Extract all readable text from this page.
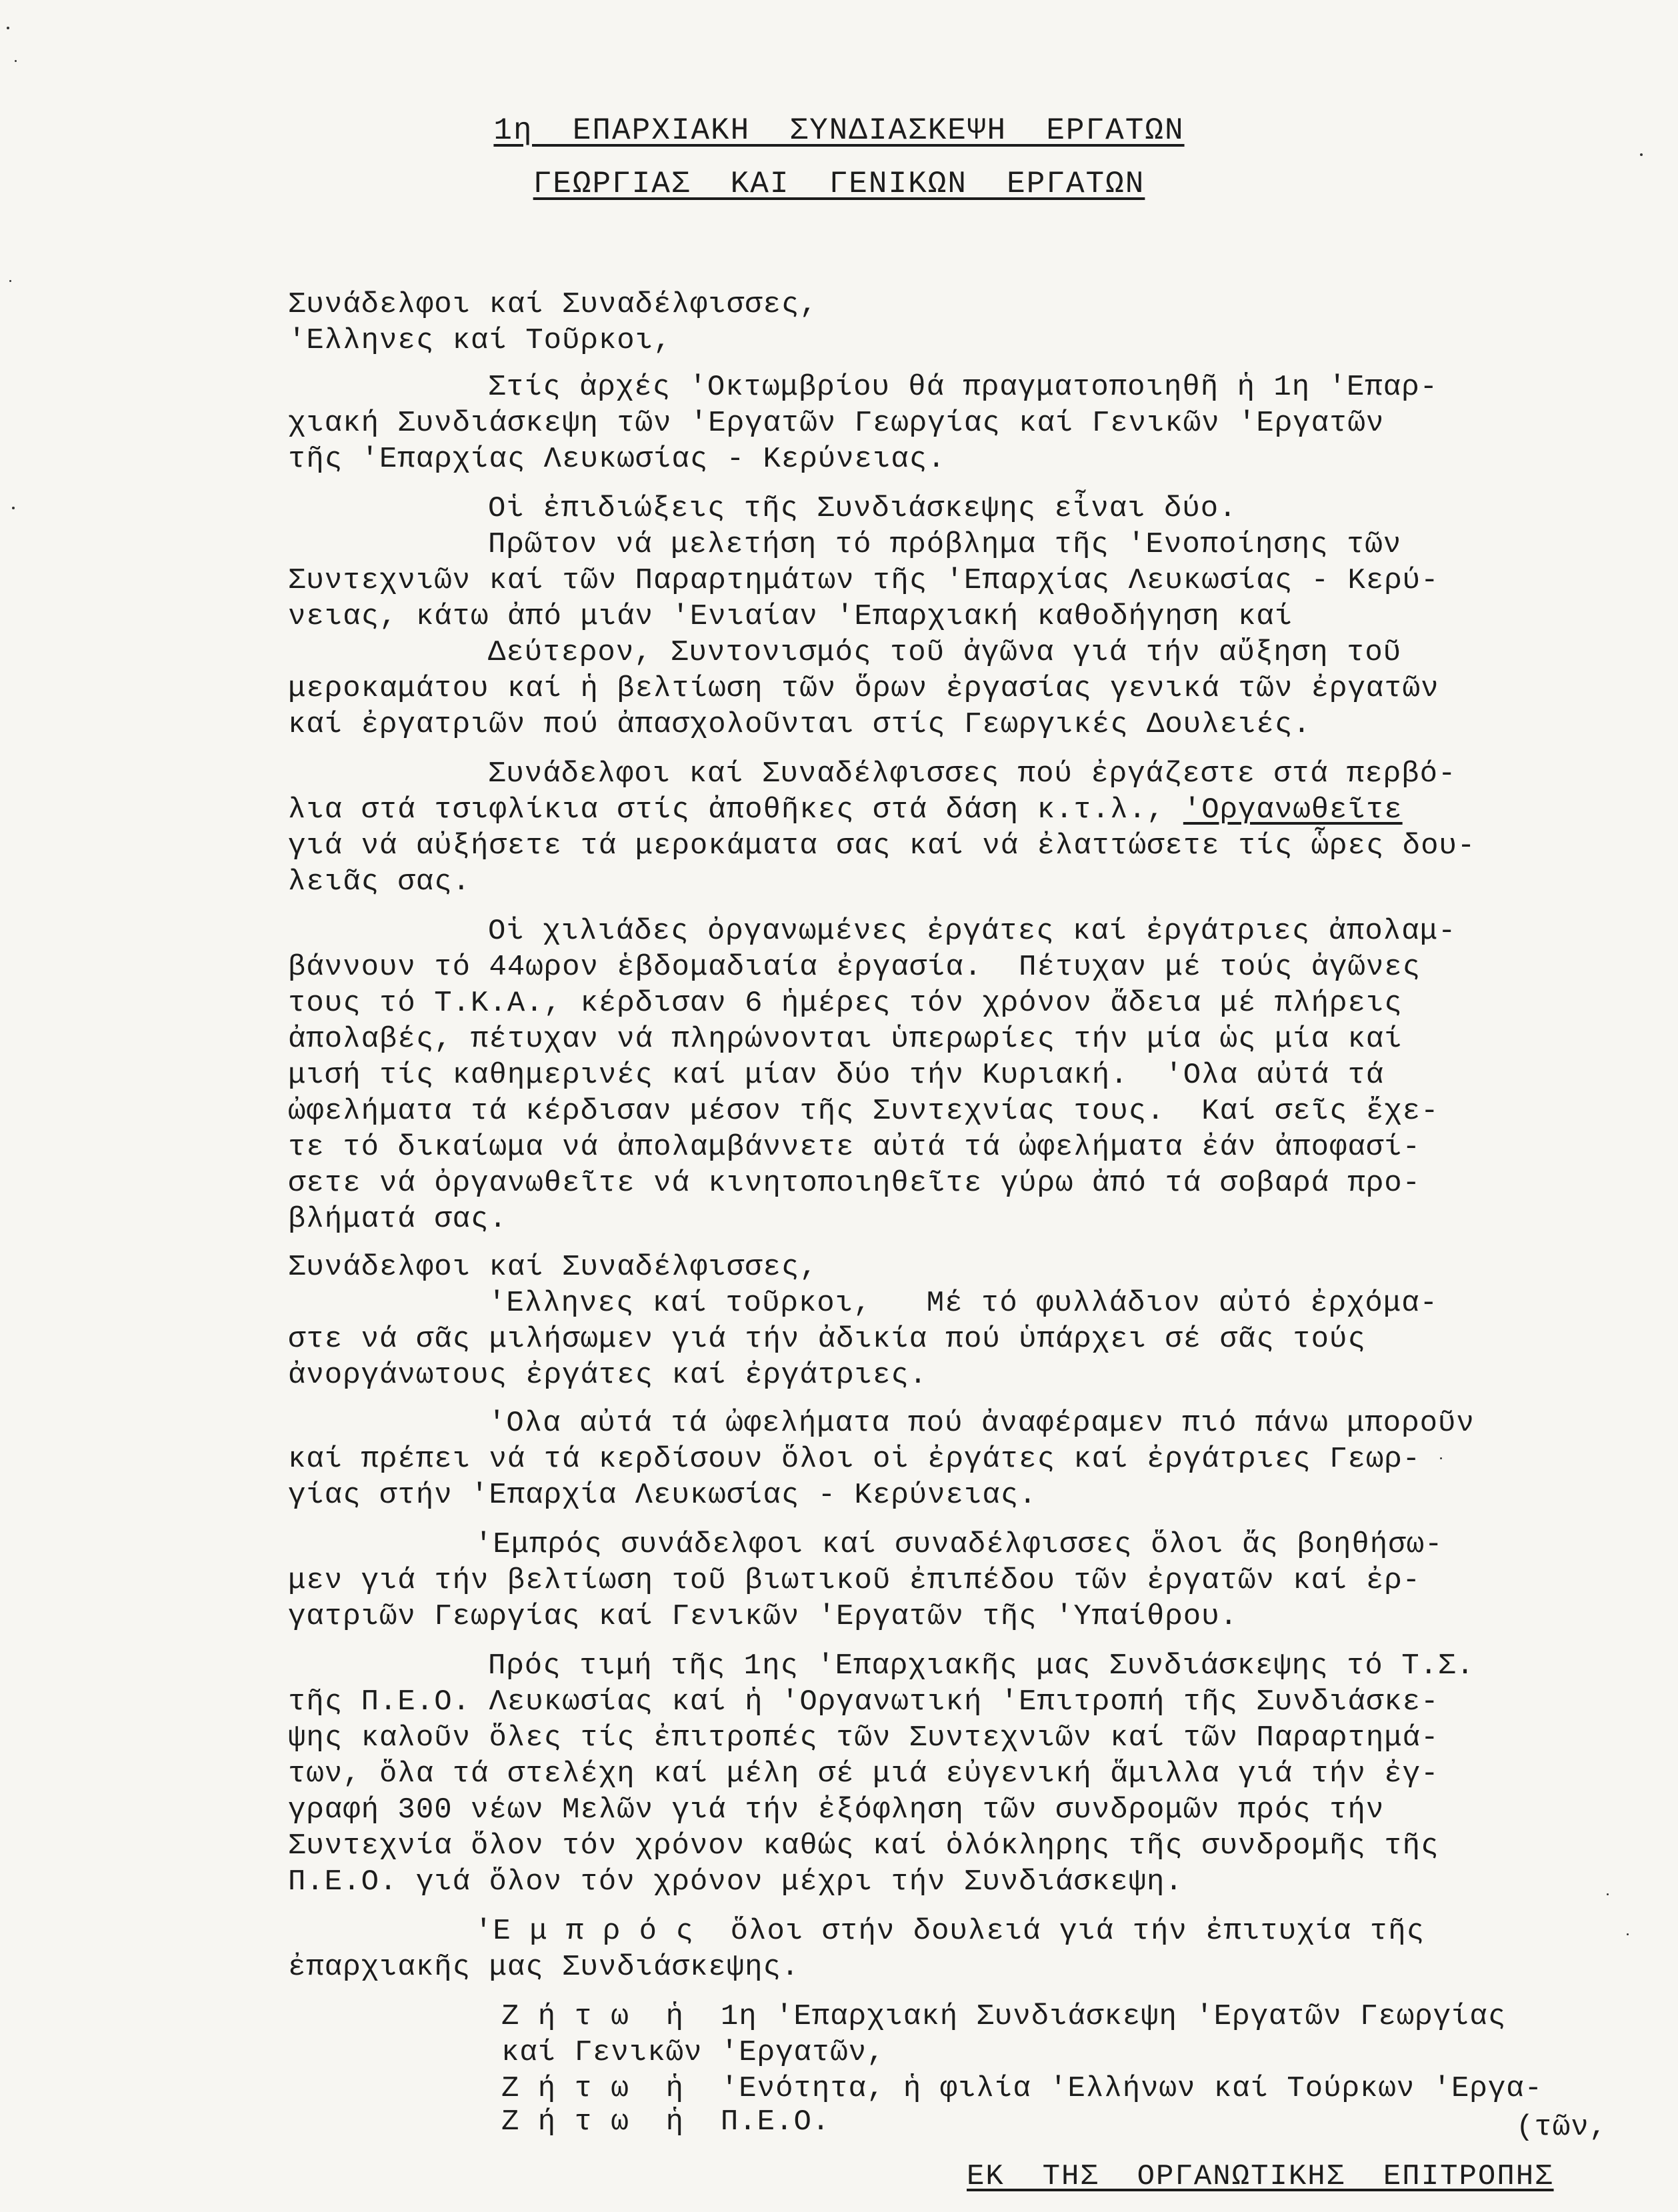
1η  ΕΠΑΡΧΙΑΚΗ  ΣΥΝΔΙΑΣΚΕΨΗ  ΕΡΓΑΤΩΝ
ΓΕΩΡΓΙΑΣ  ΚΑΙ  ΓΕΝΙΚΩΝ  ΕΡΓΑΤΩΝ
Συνάδελφοι καί Συναδέλφισσες,
'Ελληνες καί Τοῦρκοι,
Στίς ἀρχές 'Οκτωμβρίου θά πραγματοποιηθῆ ἡ 1η 'Επαρ-
χιακή Συνδιάσκεψη τῶν 'Εργατῶν Γεωργίας καί Γενικῶν 'Εργατῶν
τῆς 'Επαρχίας Λευκωσίας - Κερύνειας.
Οἱ ἐπιδιώξεις τῆς Συνδιάσκεψης εἶναι δύο.
Πρῶτον νά μελετήση τό πρόβλημα τῆς 'Ενοποίησης τῶν
Συντεχνιῶν καί τῶν Παραρτημάτων τῆς 'Επαρχίας Λευκωσίας - Κερύ-
νειας, κάτω ἀπό μιάν 'Ενιαίαν 'Επαρχιακή καθοδήγηση καί
Δεύτερον, Συντονισμός τοῦ ἀγῶνα γιά τήν αὔξηση τοῦ
μεροκαμάτου καί ἡ βελτίωση τῶν ὅρων ἐργασίας γενικά τῶν ἐργατῶν
καί ἐργατριῶν πού ἀπασχολοῦνται στίς Γεωργικές Δουλειές.
Συνάδελφοι καί Συναδέλφισσες πού ἐργάζεστε στά περβό-
λια στά τσιφλίκια στίς ἀποθῆκες στά δάση κ.τ.λ., 'Οργανωθεῖτε
γιά νά αὐξήσετε τά μεροκάματα σας καί νά ἐλαττώσετε τίς ὧρες δου-
λειᾶς σας.
Οἱ χιλιάδες ὀργανωμένες ἐργάτες καί ἐργάτριες ἀπολαμ-
βάννουν τό 44ωρον ἑβδομαδιαία ἐργασία.  Πέτυχαν μέ τούς ἀγῶνες
τους τό Τ.Κ.Α., κέρδισαν 6 ἡμέρες τόν χρόνον ἄδεια μέ πλήρεις
ἀπολαβές, πέτυχαν νά πληρώνονται ὑπερωρίες τήν μία ὡς μία καί
μισή τίς καθημερινές καί μίαν δύο τήν Κυριακή.  'Ολα αὐτά τά
ὠφελήματα τά κέρδισαν μέσον τῆς Συντεχνίας τους.  Καί σεῖς ἔχε-
τε τό δικαίωμα νά ἀπολαμβάννετε αὐτά τά ὠφελήματα ἐάν ἀποφασί-
σετε νά ὀργανωθεῖτε νά κινητοποιηθεῖτε γύρω ἀπό τά σοβαρά προ-
βλήματά σας.
Συνάδελφοι καί Συναδέλφισσες,
'Ελληνες καί τοῦρκοι,   Μέ τό φυλλάδιον αὐτό ἐρχόμα-
στε νά σᾶς μιλήσωμεν γιά τήν ἀδικία πού ὑπάρχει σέ σᾶς τούς
ἀνοργάνωτους ἐργάτες καί ἐργάτριες.
'Ολα αὐτά τά ὠφελήματα πού ἀναφέραμεν πιό πάνω μποροῦν
καί πρέπει νά τά κερδίσουν ὅλοι οἱ ἐργάτες καί ἐργάτριες Γεωρ-
γίας στήν 'Επαρχία Λευκωσίας - Κερύνειας.
'Εμπρός συνάδελφοι καί συναδέλφισσες ὅλοι ἄς βοηθήσω-
μεν γιά τήν βελτίωση τοῦ βιωτικοῦ ἐπιπέδου τῶν ἐργατῶν καί ἐρ-
γατριῶν Γεωργίας καί Γενικῶν 'Εργατῶν τῆς 'Υπαίθρου.
Πρός τιμή τῆς 1ης 'Επαρχιακῆς μας Συνδιάσκεψης τό Τ.Σ.
τῆς Π.Ε.Ο. Λευκωσίας καί ἡ 'Οργανωτική 'Επιτροπή τῆς Συνδιάσκε-
ψης καλοῦν ὅλες τίς ἐπιτροπές τῶν Συντεχνιῶν καί τῶν Παραρτημά-
των, ὅλα τά στελέχη καί μέλη σέ μιά εὐγενική ἅμιλλα γιά τήν ἐγ-
γραφή 300 νέων Μελῶν γιά τήν ἐξόφληση τῶν συνδρομῶν πρός τήν
Συντεχνία ὅλον τόν χρόνον καθώς καί ὁλόκληρης τῆς συνδρομῆς τῆς
Π.Ε.Ο. γιά ὅλον τόν χρόνον μέχρι τήν Συνδιάσκεψη.
'Ε μ π ρ ό ς  ὅλοι στήν δουλειά γιά τήν ἐπιτυχία τῆς
ἐπαρχιακῆς μας Συνδιάσκεψης.
Ζ ή τ ω  ἡ  1η 'Επαρχιακή Συνδιάσκεψη 'Εργατῶν Γεωργίας
καί Γενικῶν 'Εργατῶν,
Ζ ή τ ω  ἡ  'Ενότητα, ἡ φιλία 'Ελλήνων καί Τούρκων 'Εργα-
Ζ ή τ ω  ἡ  Π.Ε.Ο.	(τῶν,
ΕΚ  ΤΗΣ  ΟΡΓΑΝΩΤΙΚΗΣ  ΕΠΙΤΡΟΠΗΣ
